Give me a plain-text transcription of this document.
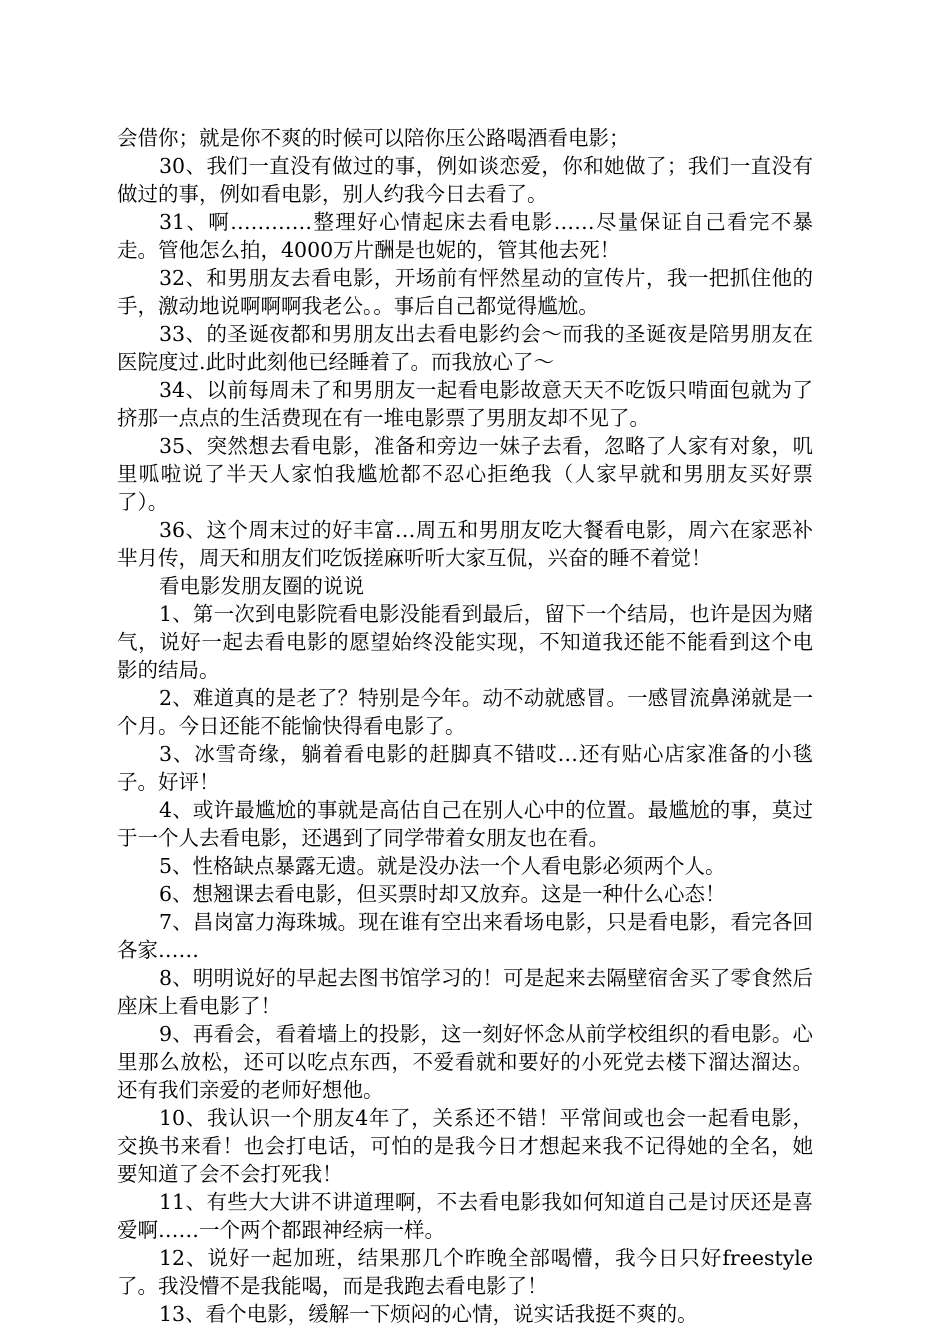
会借你；就是你不爽的时候可以陪你压公路喝酒看电影；

30、我们一直没有做过的事，例如谈恋爱，你和她做了；我们一直没有做过的事，例如看电影，别人约我今日去看了。

31、啊…………整理好心情起床去看电影……尽量保证自己看完不暴走。管他怎么拍，4000万片酬是也妮的，管其他去死！

32、和男朋友去看电影，开场前有怦然星动的宣传片，我一把抓住他的手，激动地说啊啊啊我老公。。事后自己都觉得尴尬。

33、的圣诞夜都和男朋友出去看电影约会～而我的圣诞夜是陪男朋友在医院度过.此时此刻他已经睡着了。而我放心了～

34、以前每周未了和男朋友一起看电影故意天天不吃饭只啃面包就为了挤那一点点的生活费现在有一堆电影票了男朋友却不见了。

35、突然想去看电影，准备和旁边一妹子去看，忽略了人家有对象，叽里呱啦说了半天人家怕我尴尬都不忍心拒绝我（人家早就和男朋友买好票了）。

36、这个周末过的好丰富…周五和男朋友吃大餐看电影，周六在家恶补芈月传，周天和朋友们吃饭搓麻听听大家互侃，兴奋的睡不着觉！

看电影发朋友圈的说说

1、第一次到电影院看电影没能看到最后，留下一个结局，也许是因为赌气，说好一起去看电影的愿望始终没能实现，不知道我还能不能看到这个电影的结局。

2、难道真的是老了？特别是今年。动不动就感冒。一感冒流鼻涕就是一个月。今日还能不能愉快得看电影了。

3、冰雪奇缘，躺着看电影的赶脚真不错哎…还有贴心店家准备的小毯子。好评！

4、或许最尴尬的事就是高估自己在别人心中的位置。最尴尬的事，莫过于一个人去看电影，还遇到了同学带着女朋友也在看。

5、性格缺点暴露无遗。就是没办法一个人看电影必须两个人。

6、想翘课去看电影，但买票时却又放弃。这是一种什么心态！

7、昌岗富力海珠城。现在谁有空出来看场电影，只是看电影，看完各回各家……

8、明明说好的早起去图书馆学习的！可是起来去隔壁宿舍买了零食然后座床上看电影了！

9、再看会，看着墙上的投影，这一刻好怀念从前学校组织的看电影。心里那么放松，还可以吃点东西，不爱看就和要好的小死党去楼下溜达溜达。还有我们亲爱的老师好想他。

10、我认识一个朋友4年了，关系还不错！平常间或也会一起看电影，交换书来看！也会打电话，可怕的是我今日才想起来我不记得她的全名，她要知道了会不会打死我！

11、有些大大讲不讲道理啊，不去看电影我如何知道自己是讨厌还是喜爱啊……一个两个都跟神经病一样。

12、说好一起加班，结果那几个昨晚全部喝懵，我今日只好freestyle了。我没懵不是我能喝，而是我跑去看电影了！

13、看个电影，缓解一下烦闷的心情，说实话我挺不爽的。
